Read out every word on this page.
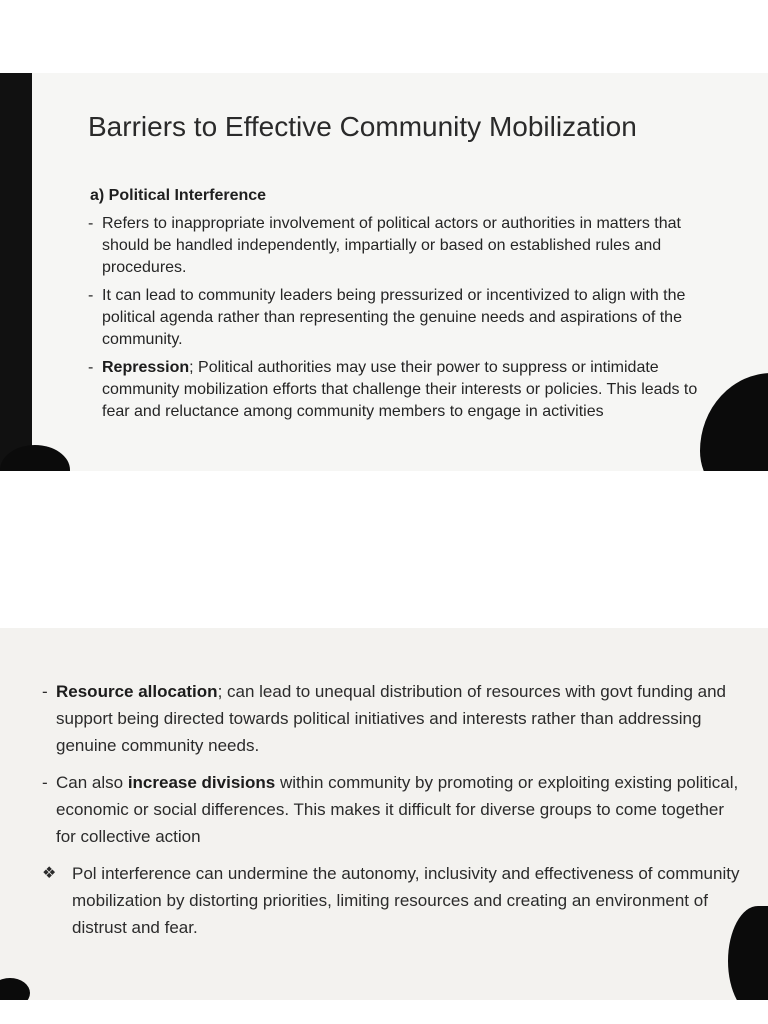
Barriers to Effective Community Mobilization
a) Political Interference
- Refers to inappropriate involvement of political actors or authorities in matters that should be handled independently, impartially or based on established rules and procedures.
- It can lead to community leaders being pressurized or incentivized to align with the political agenda rather than representing the genuine needs and aspirations of the community.
- Repression; Political authorities may use their power to suppress or intimidate community mobilization efforts that challenge their interests or policies. This leads to fear and reluctance among community members to engage in activities
- Resource allocation; can lead to unequal distribution of resources with govt funding and support being directed towards political initiatives and interests rather than addressing genuine community needs.
- Can also increase divisions within community by promoting or exploiting existing political, economic or social differences. This makes it difficult for diverse groups to come together for collective action
❖ Pol interference can undermine the autonomy, inclusivity and effectiveness of community mobilization by distorting priorities, limiting resources and creating an environment of distrust and fear.
